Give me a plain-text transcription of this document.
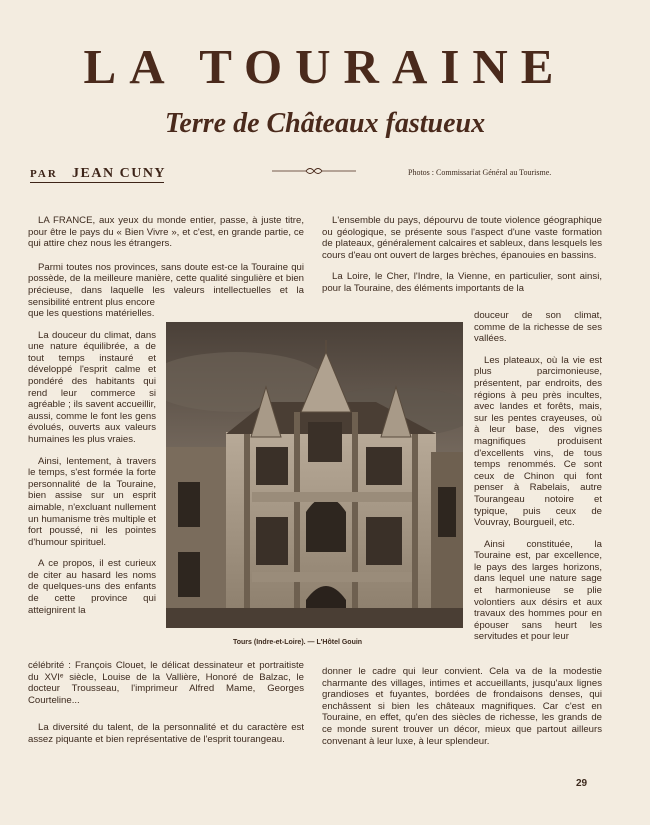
LA TOURAINE
Terre de Châteaux fastueux
PAR JEAN CUNY	Photos : Commissariat Général au Tourisme.

LA FRANCE, aux yeux du monde entier, passe, à juste titre, pour être le pays du « Bien Vivre », et c'est, en grande partie, ce qui attire chez nous les étrangers.

Parmi toutes nos provinces, sans doute est-ce la Touraine qui possède, de la meilleure manière, cette qualité singulière et bien précieuse, dans laquelle les valeurs intellectuelles et la sensibilité entrent plus encore

que les questions matérielles.

La douceur du climat, dans une nature équilibrée, a de tout temps instauré et développé l'esprit calme et pondéré des habitants qui rend leur commerce si agréable ; ils savent accueillir, aussi, comme le font les gens évolués, ouverts aux valeurs humaines les plus vraies.

Ainsi, lentement, à travers le temps, s'est formée la forte personnalité de la Touraine, bien assise sur un esprit aimable, n'excluant nullement un humanisme très multiple et fort poussé, ni les pointes d'humour spirituel.

A ce propos, il est curieux de citer au hasard les noms de quelques-uns des enfants de cette province qui atteignirent la

célébrité : François Clouet, le délicat dessinateur et portraitiste du XVIᵉ siècle, Louise de la Vallière, Honoré de Balzac, le docteur Trousseau, l'imprimeur Alfred Mame, Georges Courteline...

La diversité du talent, de la personnalité et du caractère est assez piquante et bien représentative de l'esprit tourangeau.

L'ensemble du pays, dépourvu de toute violence géographique ou géologique, se présente sous l'aspect d'une vaste formation de plateaux, généralement calcaires et sableux, dans lesquels les cours d'eau ont ouvert de larges brèches, épanouies en bassins.

La Loire, le Cher, l'Indre, la Vienne, en particulier, sont ainsi, pour la Touraine, des éléments importants de la

douceur de son climat, comme de la richesse de ses vallées.

Les plateaux, où la vie est plus parcimonieuse, présentent, par endroits, des régions à peu près incultes, avec landes et forêts, mais, sur les pentes crayeuses, où à leur base, des vignes magnifiques produisent d'excellents vins, de tous temps renommés. Ce sont ceux de Chinon qui font penser à Rabelais, autre Tourangeau notoire et typique, puis ceux de Vouvray, Bourgueil, etc.

Ainsi constituée, la Touraine est, par excellence, le pays des larges horizons, dans lequel une nature sage et harmonieuse se plie volontiers aux désirs et aux travaux des hommes pour en épouser sans heurt les servitudes et pour leur

donner le cadre qui leur convient. Cela va de la modestie charmante des villages, intimes et accueillants, jusqu'aux lignes grandioses et fuyantes, bordées de frondaisons denses, qui enchâssent si bien les châteaux magnifiques. Car c'est en Touraine, en effet, qu'en des siècles de richesse, les grands de ce monde surent trouver un décor, mieux que partout ailleurs convenant à leur luxe, à leur splendeur.

Tours (Indre-et-Loire). — L'Hôtel Gouin
29
